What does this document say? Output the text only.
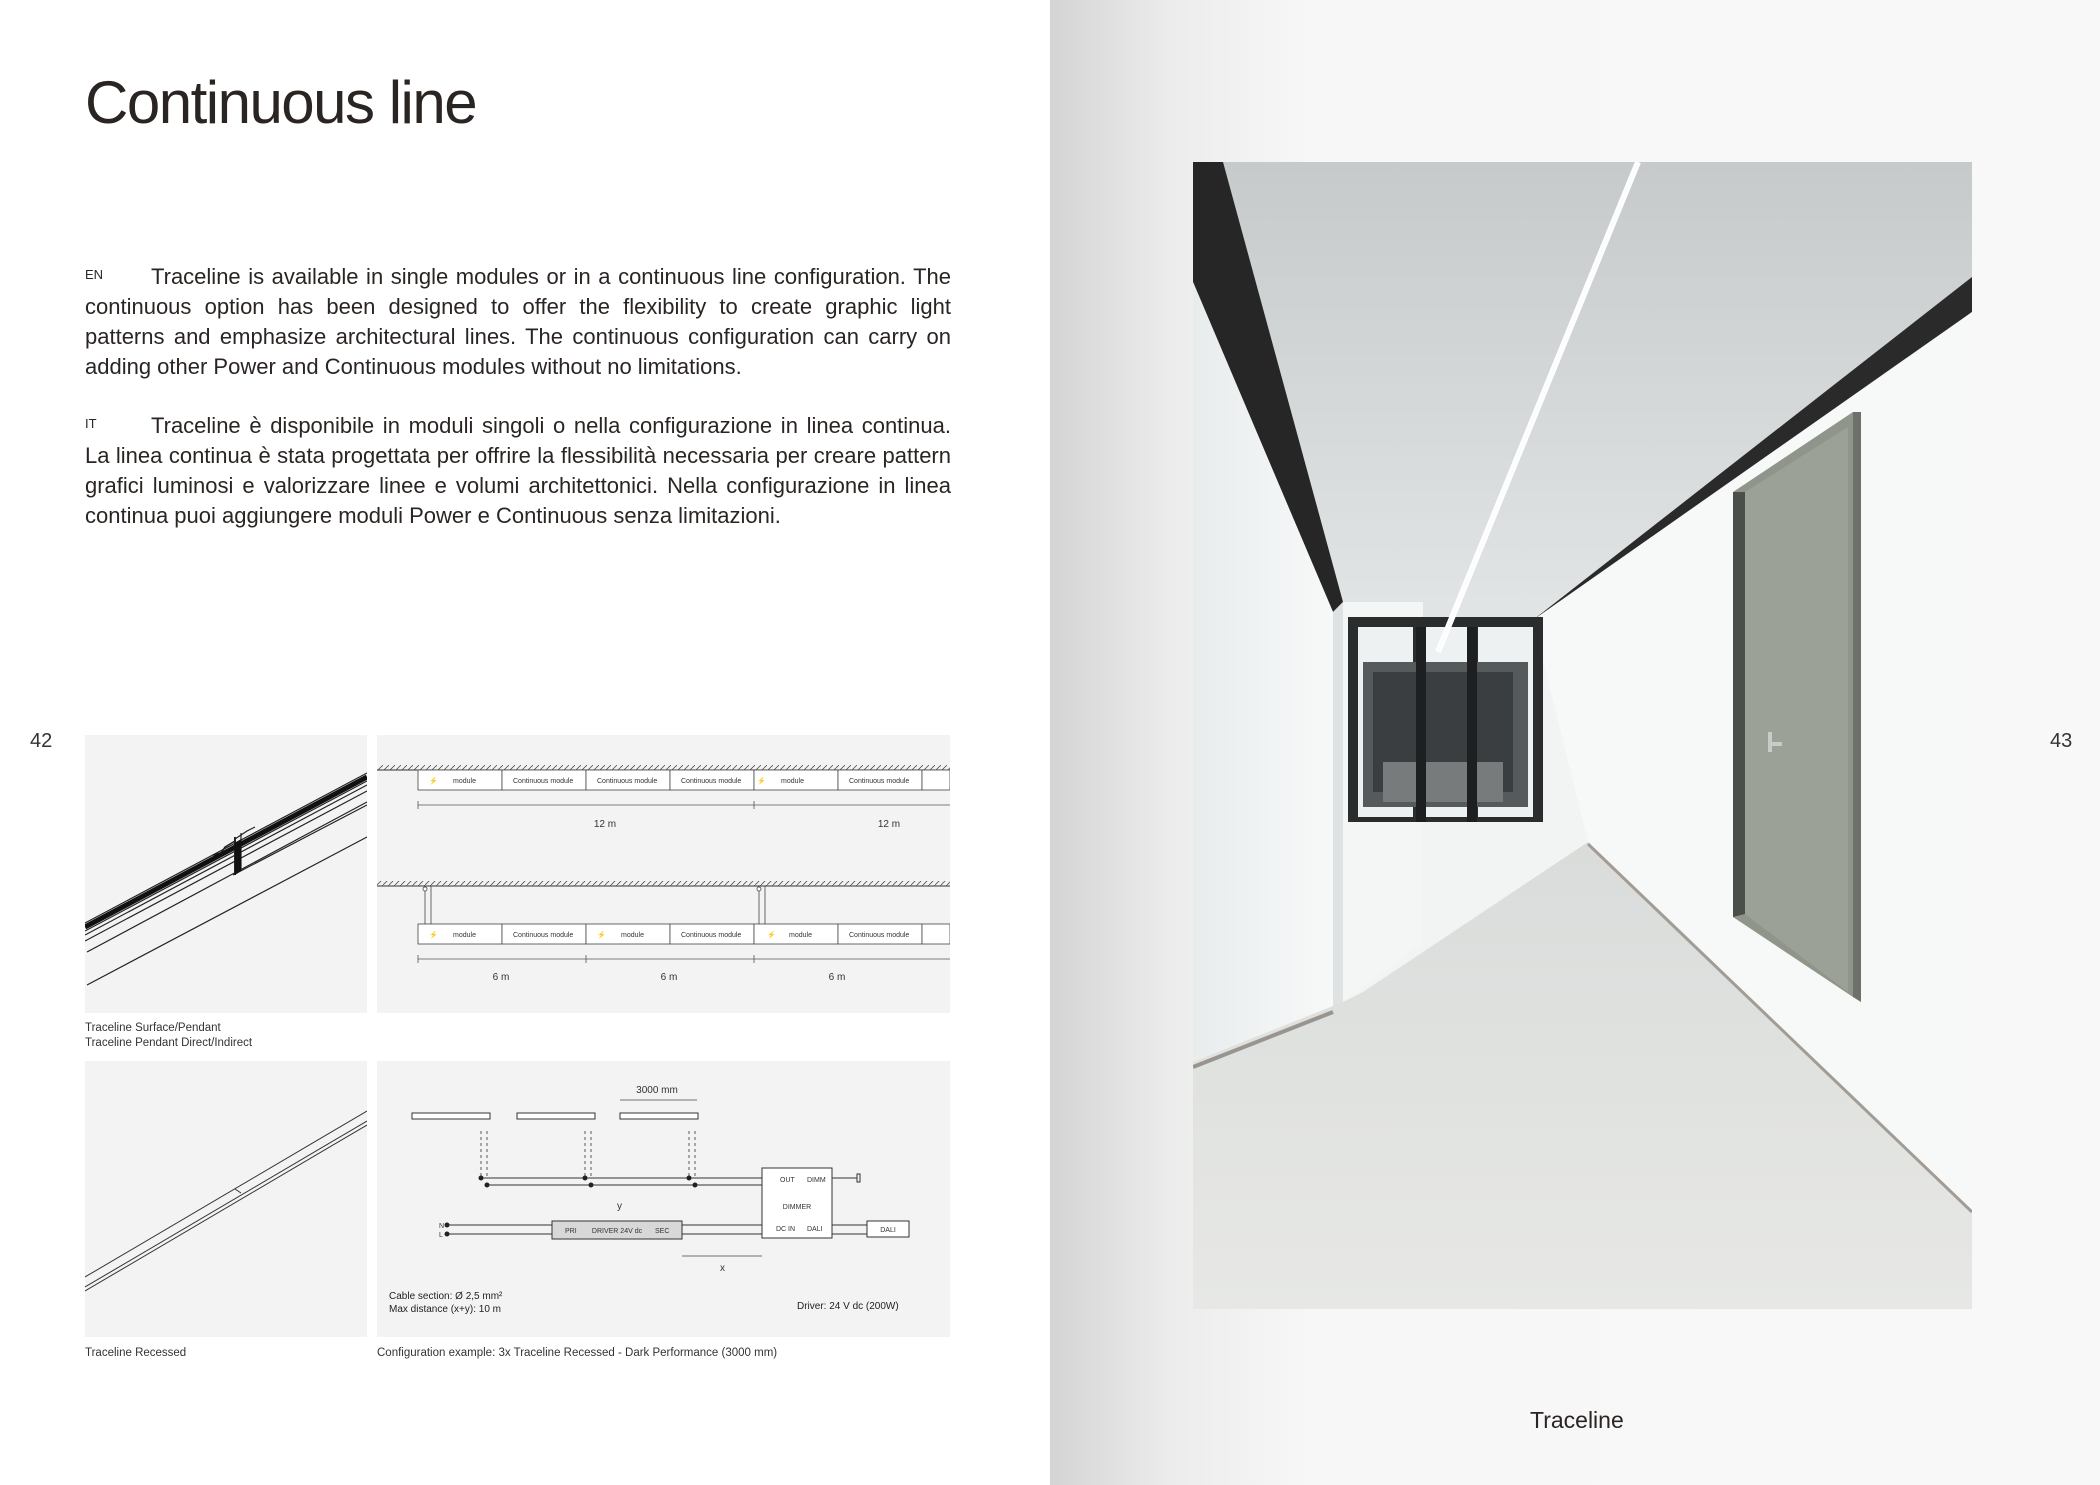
Continuous line

EN Traceline is available in single modules or in a continuous line configuration. The continuous option has been designed to offer the flexibility to create graphic light patterns and emphasize architectural lines. The continuous configuration can carry on adding other Power and Continuous modules without no limitations.

IT Traceline è disponibile in moduli singoli o nella configurazione in linea continua. La linea continua è stata progettata per offrire la flessibilità necessaria per creare pattern grafici luminosi e valorizzare linee e volumi architettonici. Nella configurazione in linea continua puoi aggiungere moduli Power e Continuous senza limitazioni.

42
⚡	⚡
module	Continuous module	Continuous module	Continuous module	module	Continuous module
12 m	12 m
⚡	⚡	⚡
module	Continuous module	module	Continuous module	module	Continuous module
6 m	6 m	6 m
Traceline Surface/Pendant
Traceline Pendant Direct/Indirect
3000 mm
y
OUT DIMM
DIMMER
DC IN DALI
N
L
PRI DRIVER 24V dc SEC	DALI
x
Cable section: Ø 2,5 mm²
Max distance (x+y): 10 m	Driver: 24 V dc (200W)
Traceline Recessed	Configuration example: 3x Traceline Recessed - Dark Performance (3000 mm)
43
Traceline
